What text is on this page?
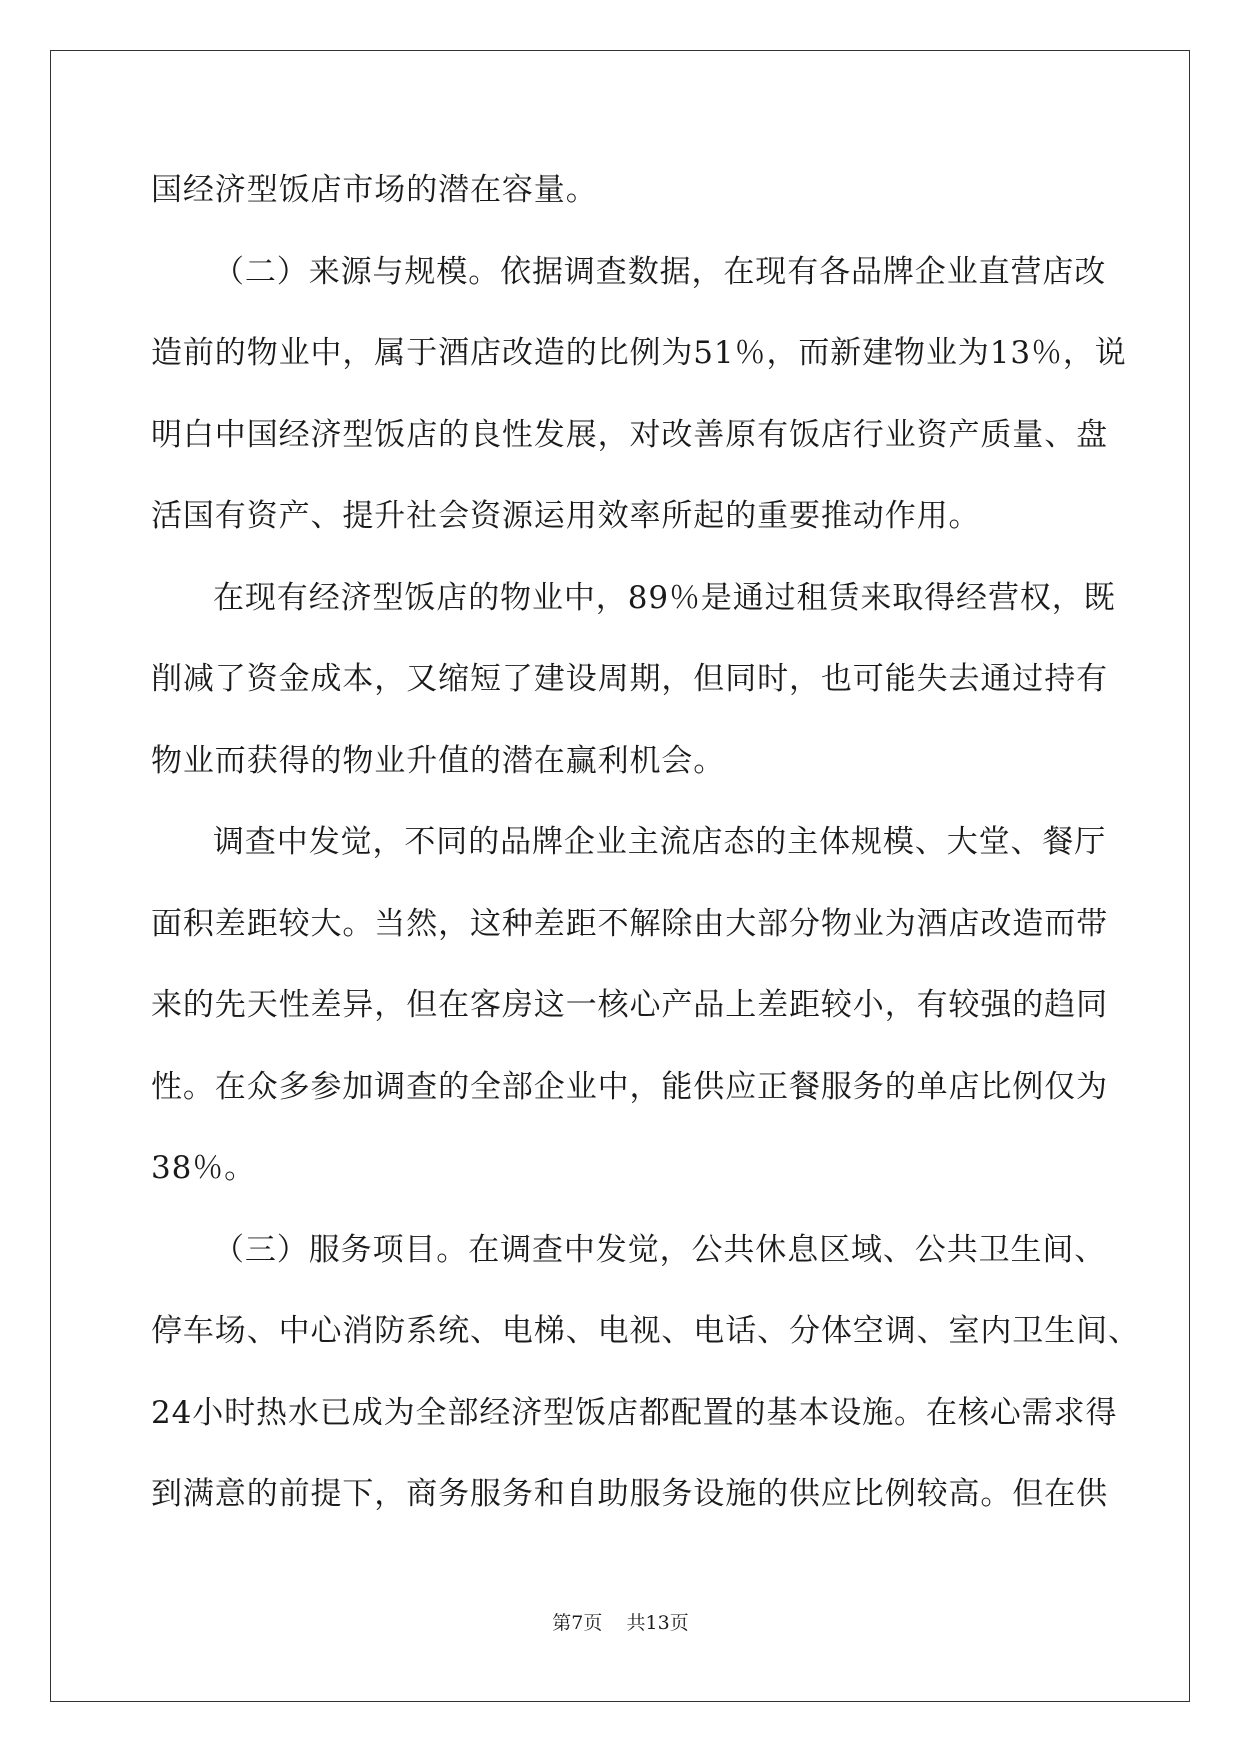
国经济型饭店市场的潜在容量。
（二）来源与规模。依据调查数据，在现有各品牌企业直营店改
造前的物业中，属于酒店改造的比例为51％，而新建物业为13％，说
明白中国经济型饭店的良性发展，对改善原有饭店行业资产质量、盘
活国有资产、提升社会资源运用效率所起的重要推动作用。
在现有经济型饭店的物业中，89％是通过租赁来取得经营权，既
削减了资金成本，又缩短了建设周期，但同时，也可能失去通过持有
物业而获得的物业升值的潜在赢利机会。
调查中发觉，不同的品牌企业主流店态的主体规模、大堂、餐厅
面积差距较大。当然，这种差距不解除由大部分物业为酒店改造而带
来的先天性差异，但在客房这一核心产品上差距较小，有较强的趋同
性。在众多参加调查的全部企业中，能供应正餐服务的单店比例仅为
38％。
（三）服务项目。在调查中发觉，公共休息区域、公共卫生间、
停车场、中心消防系统、电梯、电视、电话、分体空调、室内卫生间、
24小时热水已成为全部经济型饭店都配置的基本设施。在核心需求得
到满意的前提下，商务服务和自助服务设施的供应比例较高。但在供
第7页 共13页
